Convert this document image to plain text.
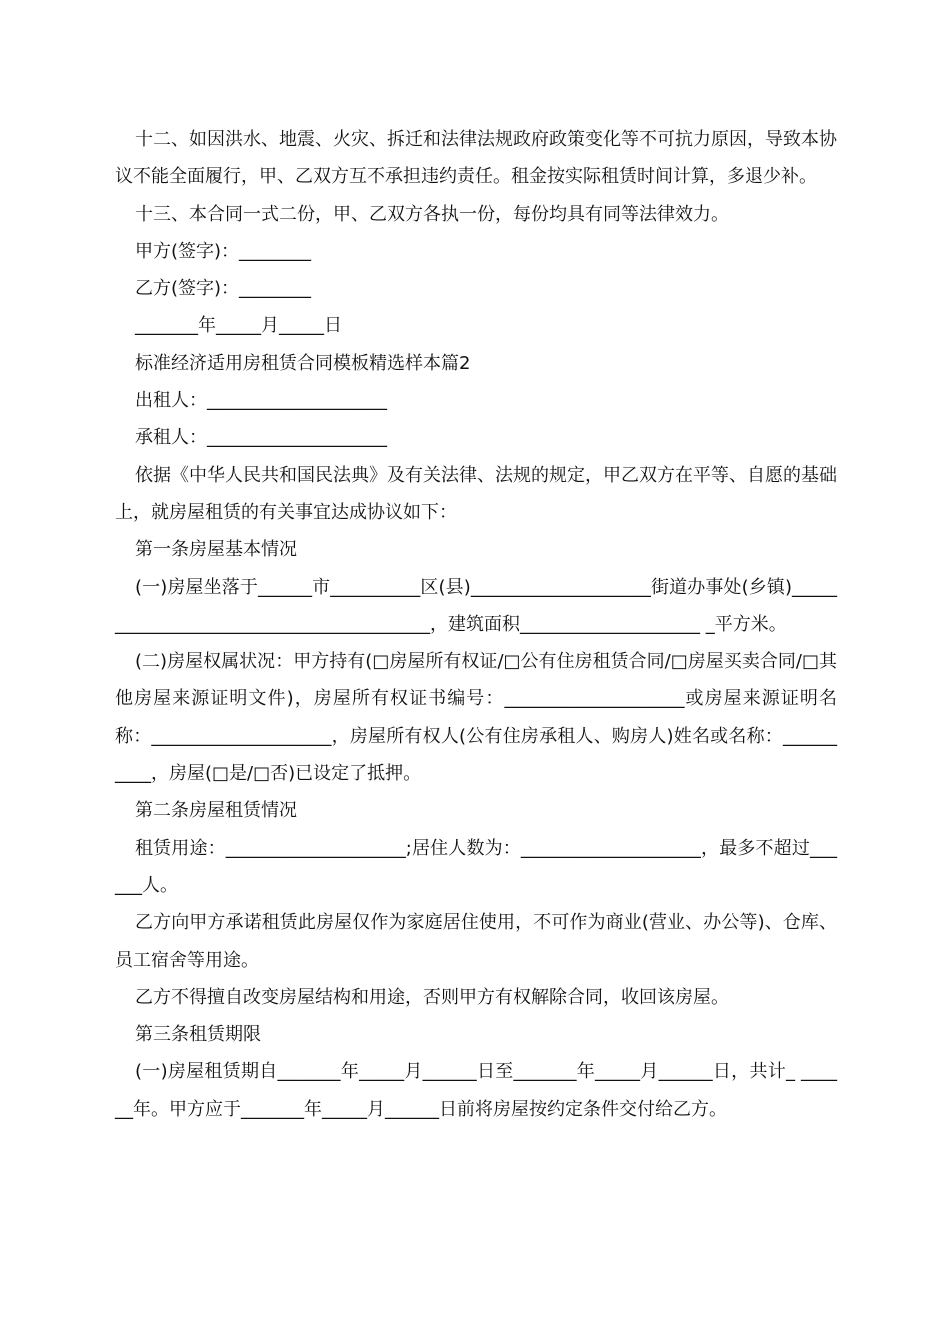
十二、如因洪水、地震、火灾、拆迁和法律法规政府政策变化等不可抗力原因，导致本协议不能全面履行，甲、乙双方互不承担违约责任。租金按实际租赁时间计算，多退少补。

十三、本合同一式二份，甲、乙双方各执一份，每份均具有同等法律效力。

甲方(签字)：________

乙方(签字)：________

_______年_____月_____日

标准经济适用房租赁合同模板精选样本篇2

出租人：____________________

承租人：____________________

依据《中华人民共和国民法典》及有关法律、法规的规定，甲乙双方在平等、自愿的基础上，就房屋租赁的有关事宜达成协议如下：

第一条房屋基本情况

(一)房屋坐落于______市__________区(县)____________________街道办事处(乡镇)________________________________________，建筑面积____________________ _平方米。

(二)房屋权属状况：甲方持有(□房屋所有权证/□公有住房租赁合同/□房屋买卖合同/□其他房屋来源证明文件)，房屋所有权证书编号：____________________或房屋来源证明名称：____________________，房屋所有权人(公有住房承租人、购房人)姓名或名称：__________，房屋(□是/□否)已设定了抵押。

第二条房屋租赁情况

租赁用途：____________________;居住人数为：____________________，最多不超过______人。

乙方向甲方承诺租赁此房屋仅作为家庭居住使用，不可作为商业(营业、办公等)、仓库、员工宿舍等用途。

乙方不得擅自改变房屋结构和用途，否则甲方有权解除合同，收回该房屋。

第三条租赁期限

(一)房屋租赁期自_______年_____月______日至_______年_____月______日，共计_ ______年。甲方应于_______年_____月______日前将房屋按约定条件交付给乙方。
